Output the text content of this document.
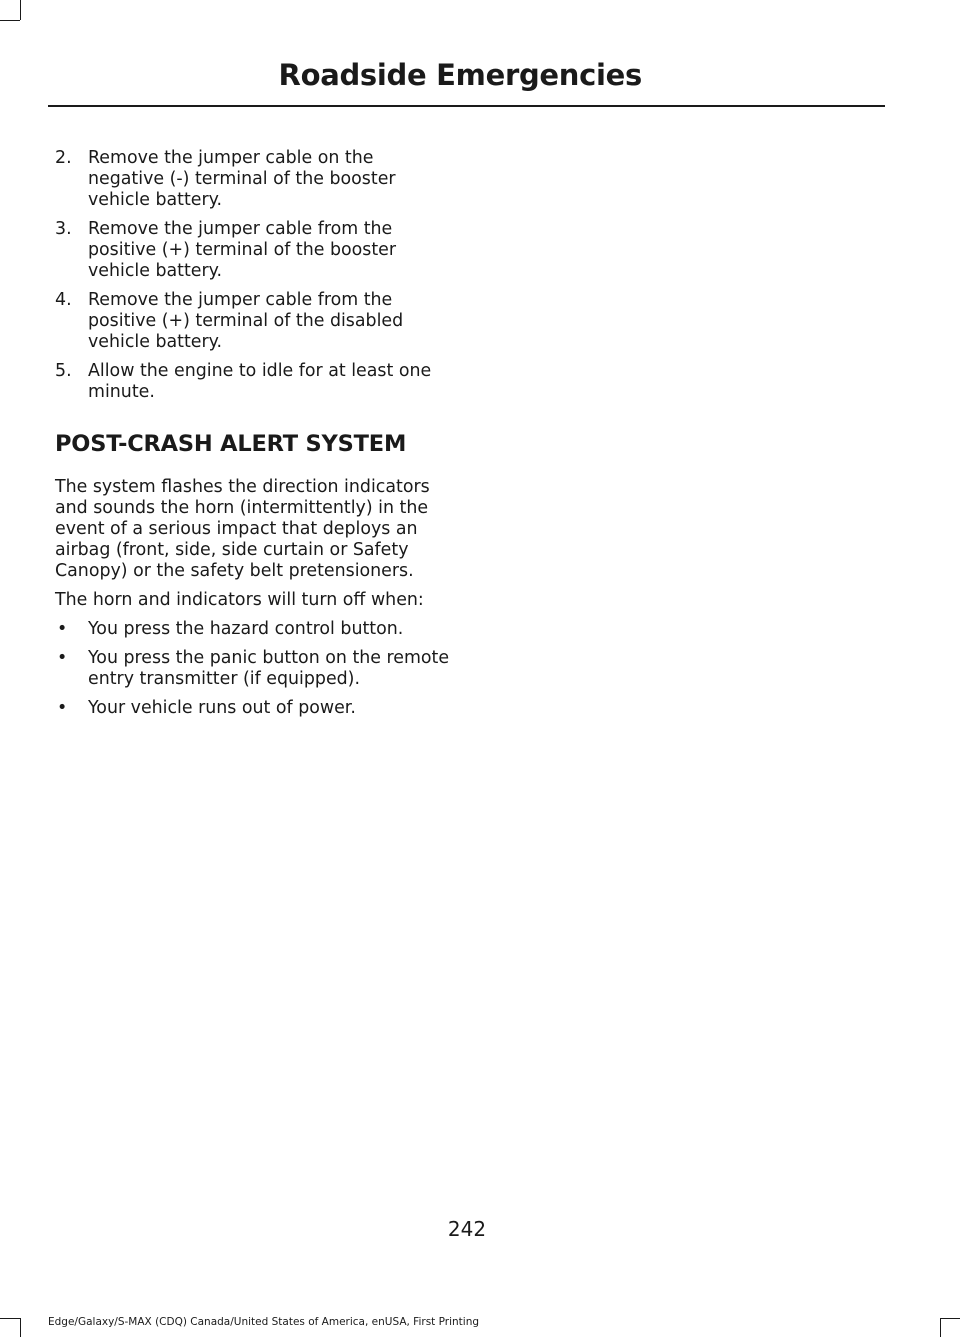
Roadside Emergencies
2. Remove the jumper cable on the negative (-) terminal of the booster vehicle battery.
3. Remove the jumper cable from the positive (+) terminal of the booster vehicle battery.
4. Remove the jumper cable from the positive (+) terminal of the disabled vehicle battery.
5. Allow the engine to idle for at least one minute.
POST-CRASH ALERT SYSTEM

The system flashes the direction indicators and sounds the horn (intermittently) in the event of a serious impact that deploys an airbag (front, side, side curtain or Safety Canopy) or the safety belt pretensioners.

The horn and indicators will turn off when:

• You press the hazard control button.
• You press the panic button on the remote entry transmitter (if equipped).
• Your vehicle runs out of power.
242
Edge/Galaxy/S-MAX (CDQ) Canada/United States of America, enUSA, First Printing
